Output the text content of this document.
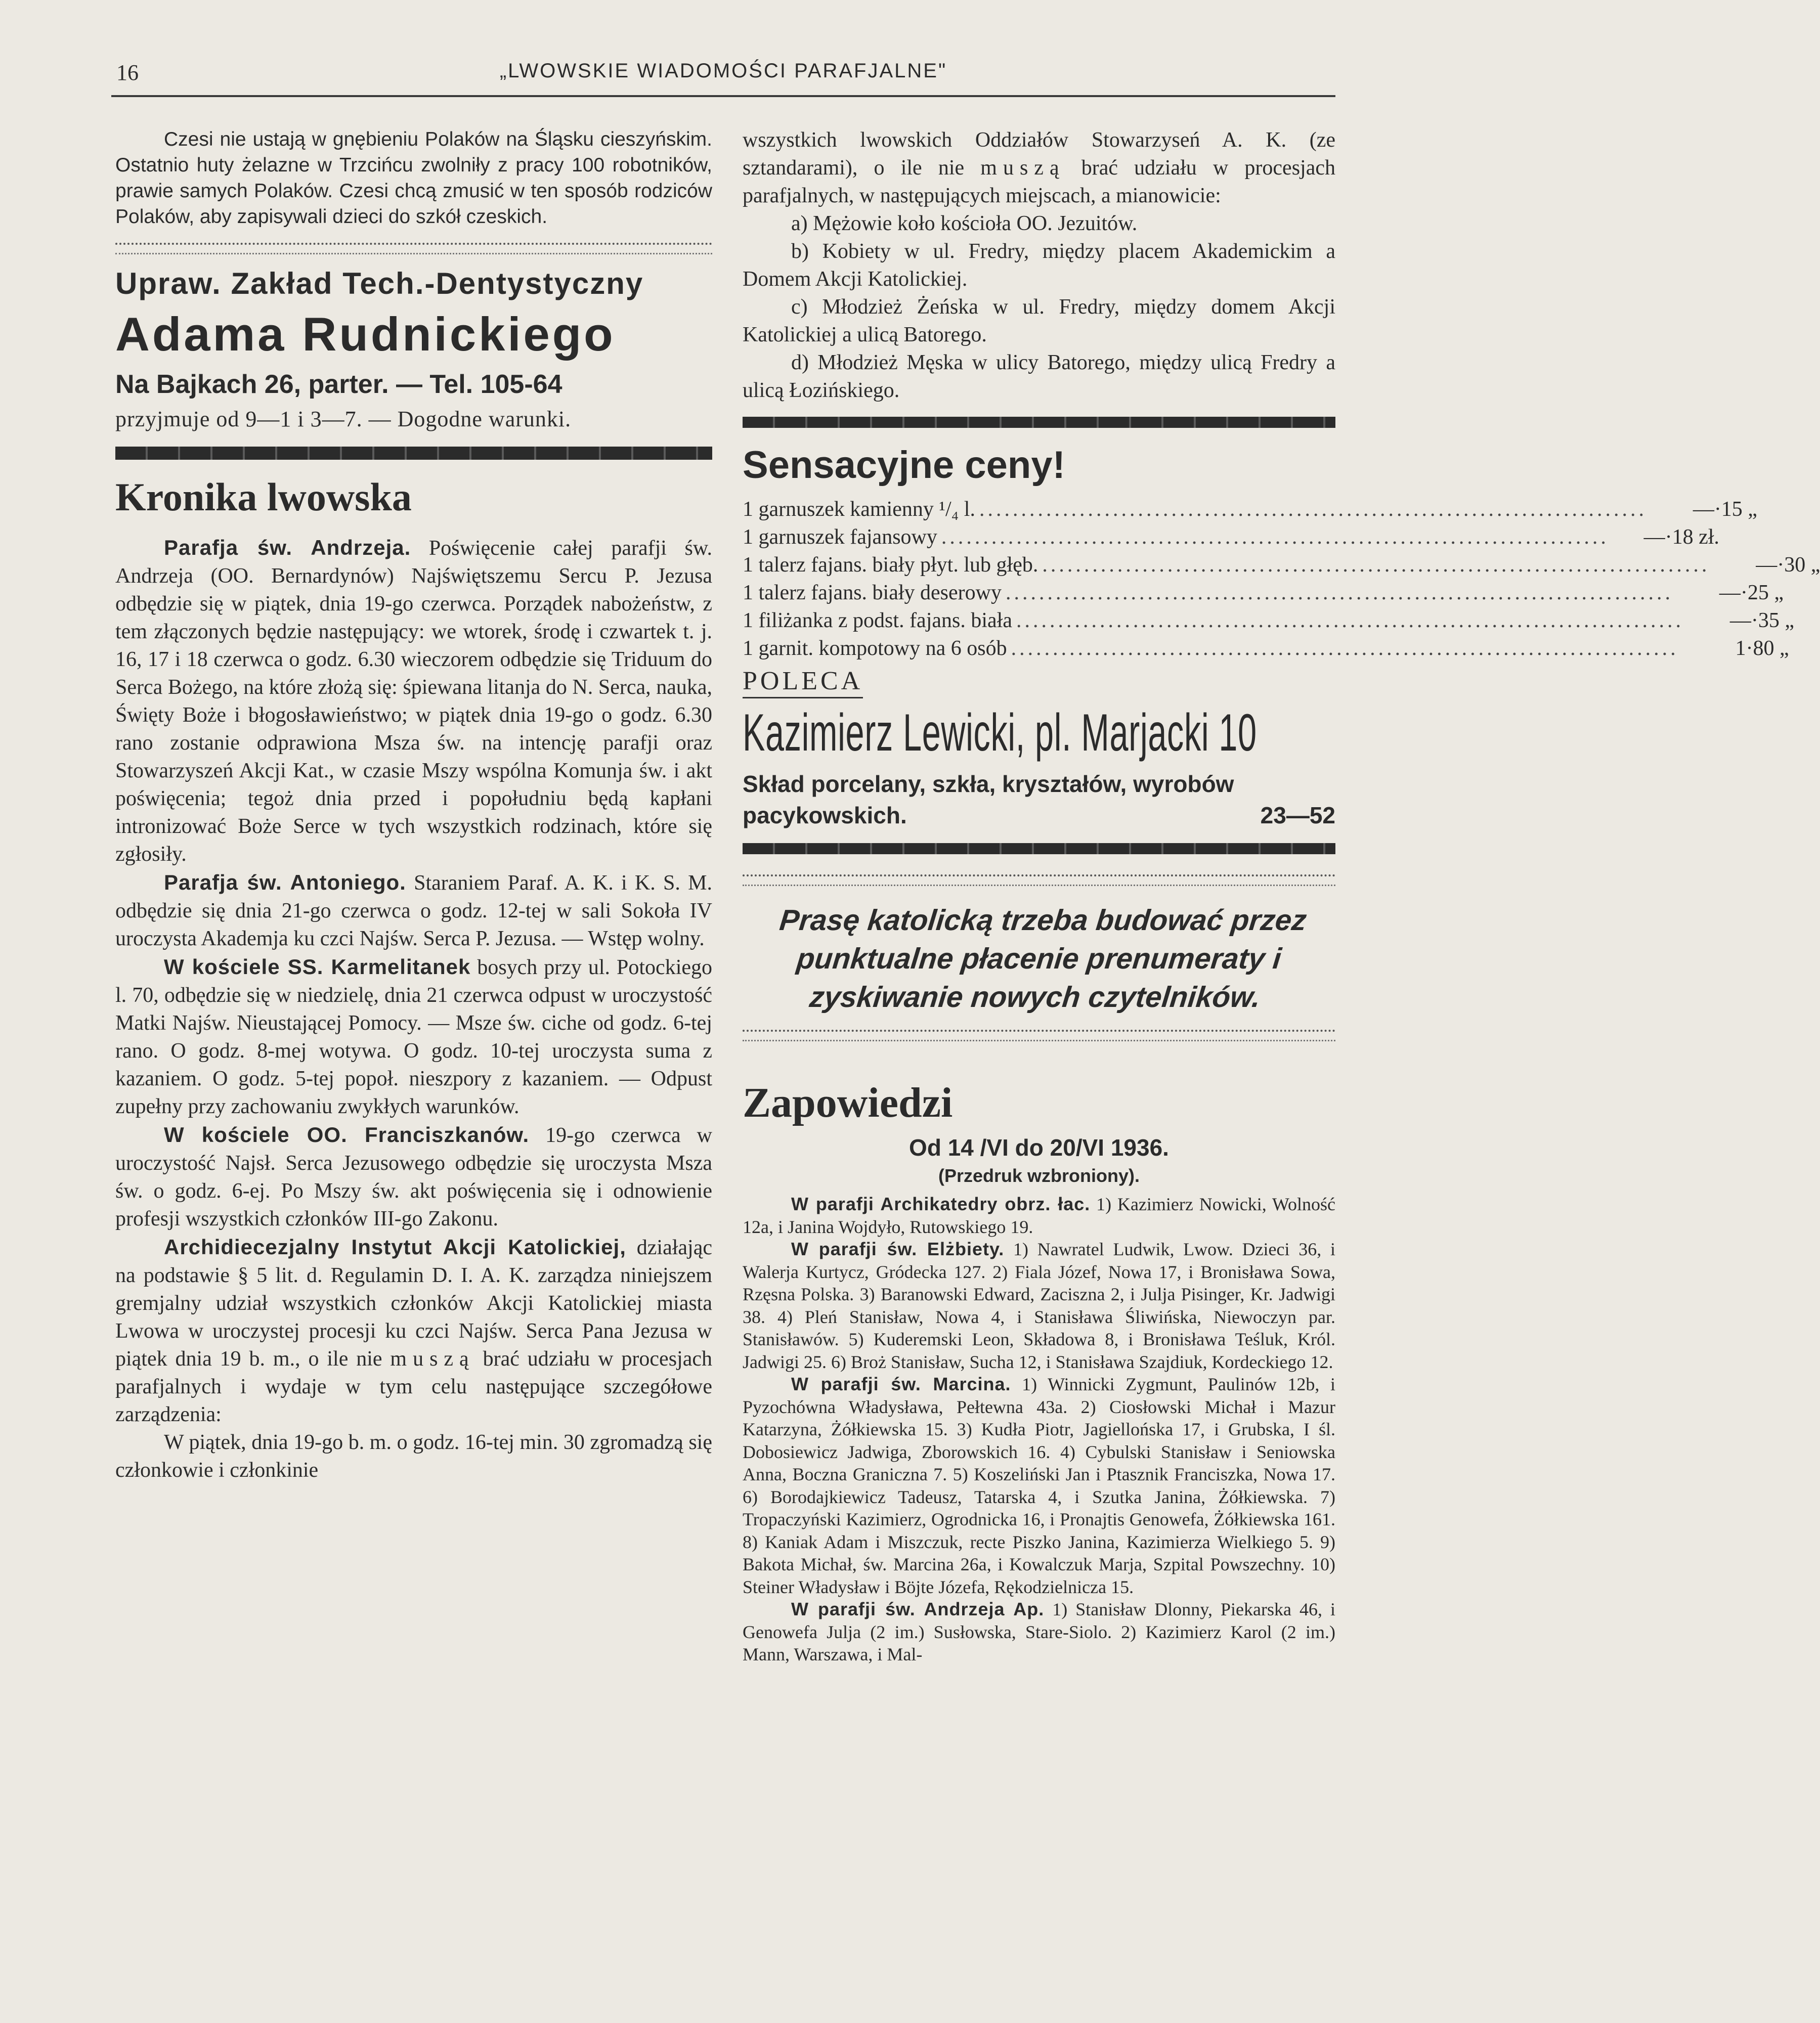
16	„LWOWSKIE WIADOMOŚCI PARAFJALNE"

Czesi nie ustają w gnębieniu Polaków na Śląsku cieszyńskim. Ostatnio huty żelazne w Trzcińcu zwolniły z pracy 100 robotników, prawie samych Polaków. Czesi chcą zmusić w ten sposób rodziców Polaków, aby zapisywali dzieci do szkół czeskich.

Upraw. Zakład Tech.-Dentystyczny
Adama Rudnickiego
Na Bajkach 26, parter. — Tel. 105-64
przyjmuje od 9—1 i 3—7. — Dogodne warunki.
Kronika lwowska

Parafja św. Andrzeja. Poświęcenie całej parafji św. Andrzeja (OO. Bernardynów) Najświętszemu Sercu P. Jezusa odbędzie się w piątek, dnia 19-go czerwca. Porządek nabożeństw, z tem złączonych będzie następujący: we wtorek, środę i czwartek t. j. 16, 17 i 18 czerwca o godz. 6.30 wieczorem odbędzie się Triduum do Serca Bożego, na które złożą się: śpiewana litanja do N. Serca, nauka, Święty Boże i błogosławieństwo; w piątek dnia 19-go o godz. 6.30 rano zostanie odprawiona Msza św. na intencję parafji oraz Stowarzyszeń Akcji Kat., w czasie Mszy wspólna Komunja św. i akt poświęcenia; tegoż dnia przed i popołudniu będą kapłani intronizować Boże Serce w tych wszystkich rodzinach, które się zgłosiły.

Parafja św. Antoniego. Staraniem Paraf. A. K. i K. S. M. odbędzie się dnia 21-go czerwca o godz. 12-tej w sali Sokoła IV uroczysta Akademja ku czci Najśw. Serca P. Jezusa. — Wstęp wolny.

W kościele SS. Karmelitanek bosych przy ul. Potockiego l. 70, odbędzie się w niedzielę, dnia 21 czerwca odpust w uroczystość Matki Najśw. Nieustającej Pomocy. — Msze św. ciche od godz. 6-tej rano. O godz. 8-mej wotywa. O godz. 10-tej uroczysta suma z kazaniem. O godz. 5-tej popoł. nieszpory z kazaniem. — Odpust zupełny przy zachowaniu zwykłych warunków.

W kościele OO. Franciszkanów. 19-go czerwca w uroczystość Najsł. Serca Jezusowego odbędzie się uroczysta Msza św. o godz. 6-ej. Po Mszy św. akt poświęcenia się i odnowienie profesji wszystkich członków III-go Zakonu.

Archidiecezjalny Instytut Akcji Katolickiej, działając na podstawie § 5 lit. d. Regulamin D. I. A. K. zarządza niniejszem gremjalny udział wszystkich członków Akcji Katolickiej miasta Lwowa w uroczystej procesji ku czci Najśw. Serca Pana Jezusa w piątek dnia 19 b. m., o ile nie muszą brać udziału w procesjach parafjalnych i wydaje w tym celu następujące szczegółowe zarządzenia:

W piątek, dnia 19-go b. m. o godz. 16-tej min. 30 zgromadzą się członkowie i członkinie

wszystkich lwowskich Oddziałów Stowarzyseń A. K. (ze sztandarami), o ile nie muszą brać udziału w procesjach parafjalnych, w następujących miejscach, a mianowicie:

a) Mężowie koło kościoła OO. Jezuitów.

b) Kobiety w ul. Fredry, między placem Akademickim a Domem Akcji Katolickiej.

c) Młodzież Żeńska w ul. Fredry, między domem Akcji Katolickiej a ulicą Batorego.

d) Młodzież Męska w ulicy Batorego, między ulicą Fredry a ulicą Łozińskiego.

Sensacyjne ceny!
1 garnuszek kamienny ¹/₄ l. ................................................................................	—·15 „
1 garnuszek fajansowy ................................................................................	—·18 zł.
1 talerz fajans. biały płyt. lub głęb. ................................................................................	—·30 „
1 talerz fajans. biały deserowy ................................................................................	—·25 „
1 filiżanka z podst. fajans. biała ................................................................................	—·35 „
1 garnit. kompotowy na 6 osób ................................................................................	1·80 „
POLECA
Kazimierz Lewicki, pl. Marjacki 10
Skład porcelany, szkła, kryształów, wyrobów pacykowskich.	23—52
Prasę katolicką trzeba budować przez punktualne płacenie prenumeraty i zyskiwanie nowych czytelników.
Zapowiedzi
Od 14 /VI do 20/VI 1936.
(Przedruk wzbroniony).

W parafji Archikatedry obrz. łac. 1) Kazimierz Nowicki, Wolność 12a, i Janina Wojdyło, Rutowskiego 19.

W parafji św. Elżbiety. 1) Nawratel Ludwik, Lwow. Dzieci 36, i Walerja Kurtycz, Gródecka 127. 2) Fiala Józef, Nowa 17, i Bronisława Sowa, Rzęsna Polska. 3) Baranowski Edward, Zaciszna 2, i Julja Pisinger, Kr. Jadwigi 38. 4) Pleń Stanisław, Nowa 4, i Stanisława Śliwińska, Niewoczyn par. Stanisławów. 5) Kuderemski Leon, Składowa 8, i Bronisława Teśluk, Król. Jadwigi 25. 6) Broż Stanisław, Sucha 12, i Stanisława Szajdiuk, Kordeckiego 12.

W parafji św. Marcina. 1) Winnicki Zygmunt, Paulinów 12b, i Pyzochówna Władysława, Pełtewna 43a. 2) Ciosłowski Michał i Mazur Katarzyna, Żółkiewska 15. 3) Kudła Piotr, Jagiellońska 17, i Grubska, I śl. Dobosiewicz Jadwiga, Zborowskich 16. 4) Cybulski Stanisław i Seniowska Anna, Boczna Graniczna 7. 5) Koszeliński Jan i Ptasznik Franciszka, Nowa 17. 6) Borodajkiewicz Tadeusz, Tatarska 4, i Szutka Janina, Żółkiewska. 7) Tropaczyński Kazimierz, Ogrodnicka 16, i Pronajtis Genowefa, Żółkiewska 161. 8) Kaniak Adam i Miszczuk, recte Piszko Janina, Kazimierza Wielkiego 5. 9) Bakota Michał, św. Marcina 26a, i Kowalczuk Marja, Szpital Powszechny. 10) Steiner Władysław i Böjte Józefa, Rękodzielnicza 15.

W parafji św. Andrzeja Ap. 1) Stanisław Dlonny, Piekarska 46, i Genowefa Julja (2 im.) Susłowska, Stare-Siolo. 2) Kazimierz Karol (2 im.) Mann, Warszawa, i Mal-
